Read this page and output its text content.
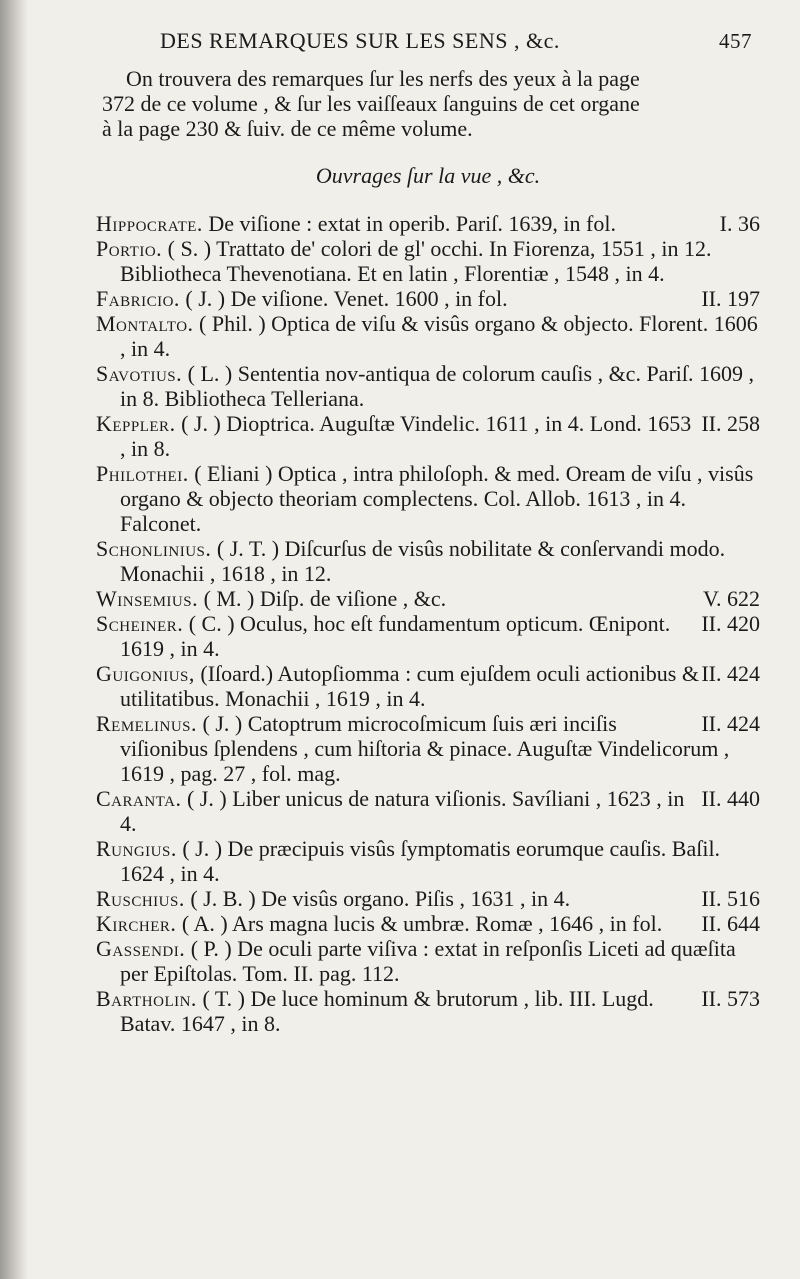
DES REMARQUES SUR LES SENS , &c.	457
On trouvera des remarques ſur les nerfs des yeux à la page
372 de ce volume , & ſur les vaiſſeaux ſanguins de cet organe
à la page 230 & ſuiv. de ce même volume.
Ouvrages ſur la vue , &c.
I. 36
Hippocrate. De viſione : extat in operib. Pariſ. 1639, in fol.
Portio. ( S. ) Trattato de' colori de gl' occhi. In Fiorenza, 1551 , in 12. Bibliotheca Thevenotiana. Et en latin , Florentiæ , 1548 , in 4.
II. 197
Fabricio. ( J. ) De viſione. Venet. 1600 , in fol.
Montalto. ( Phil. ) Optica de viſu & visûs organo & objecto. Florent. 1606 , in 4.
Savotius. ( L. ) Sententia nov-antiqua de colorum cauſis , &c. Pariſ. 1609 , in 8. Bibliotheca Telleriana.
II. 258
Keppler. ( J. ) Dioptrica. Auguſtæ Vindelic. 1611 , in 4. Lond. 1653 , in 8.
Philothei. ( Eliani ) Optica , intra philoſoph. & med. Oream de viſu , visûs organo & objecto theoriam complectens. Col. Allob. 1613 , in 4. Falconet.
Schonlinius. ( J. T. ) Diſcurſus de visûs nobilitate & conſervandi modo. Monachii , 1618 , in 12.
V. 622
Winsemius. ( M. ) Diſp. de viſione , &c.
II. 420
Scheiner. ( C. ) Oculus, hoc eſt fundamentum opticum. Œnipont. 1619 , in 4.
II. 424
Guigonius, (Iſoard.) Autopſiomma : cum ejuſdem oculi actionibus & utilitatibus. Monachii , 1619 , in 4.
II. 424
Remelinus. ( J. ) Catoptrum microcoſmicum ſuis æri inciſis viſionibus ſplendens , cum hiſtoria & pinace. Auguſtæ Vindelicorum , 1619 , pag. 27 , fol. mag.
II. 440
Caranta. ( J. ) Liber unicus de natura viſionis. Savíliani , 1623 , in 4.
Rungius. ( J. ) De præcipuis visûs ſymptomatis eorumque cauſis. Baſil. 1624 , in 4.
II. 516
Ruschius. ( J. B. ) De visûs organo. Piſis , 1631 , in 4.
II. 644
Kircher. ( A. ) Ars magna lucis & umbræ. Romæ , 1646 , in fol.
Gassendi. ( P. ) De oculi parte viſiva : extat in reſponſis Liceti ad quæſita per Epiſtolas. Tom. II. pag. 112.
II. 573
Bartholin. ( T. ) De luce hominum & brutorum , lib. III. Lugd. Batav. 1647 , in 8.
